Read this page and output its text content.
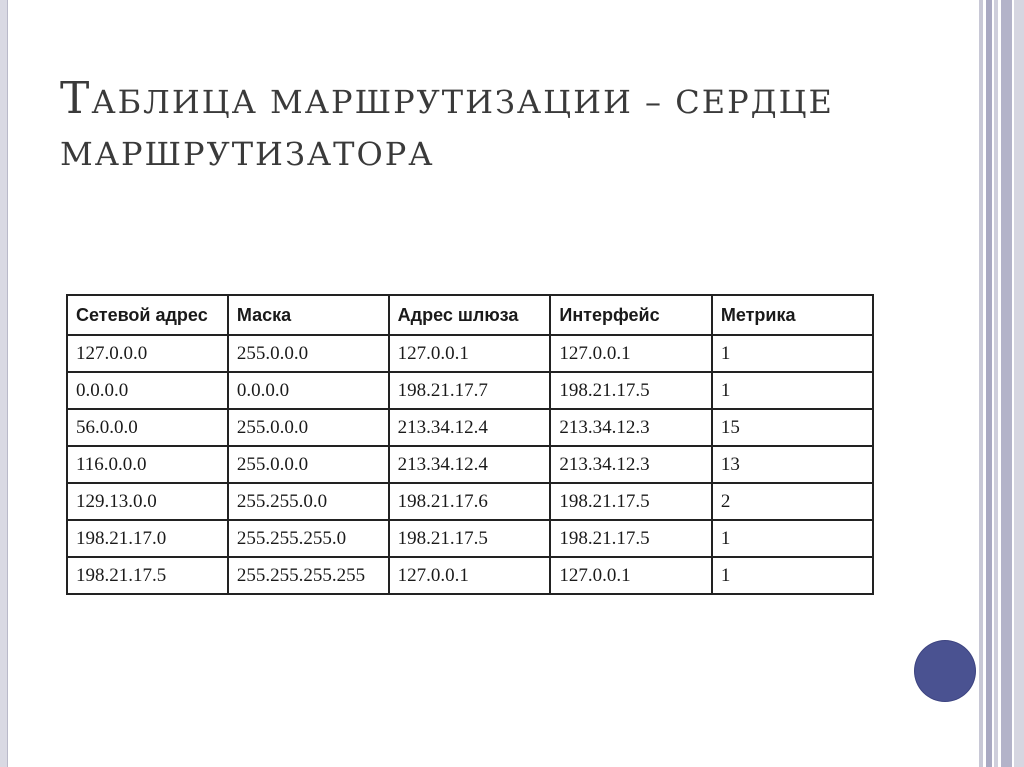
ТАБЛИЦА МАРШРУТИЗАЦИИ – СЕРДЦЕ МАРШРУТИЗАТОРА
Сетевой адрес	Маска	Адрес шлюза	Интерфейс	Метрика
127.0.0.0	255.0.0.0	127.0.0.1	127.0.0.1	1
0.0.0.0	0.0.0.0	198.21.17.7	198.21.17.5	1
56.0.0.0	255.0.0.0	213.34.12.4	213.34.12.3	15
116.0.0.0	255.0.0.0	213.34.12.4	213.34.12.3	13
129.13.0.0	255.255.0.0	198.21.17.6	198.21.17.5	2
198.21.17.0	255.255.255.0	198.21.17.5	198.21.17.5	1
198.21.17.5	255.255.255.255	127.0.0.1	127.0.0.1	1
